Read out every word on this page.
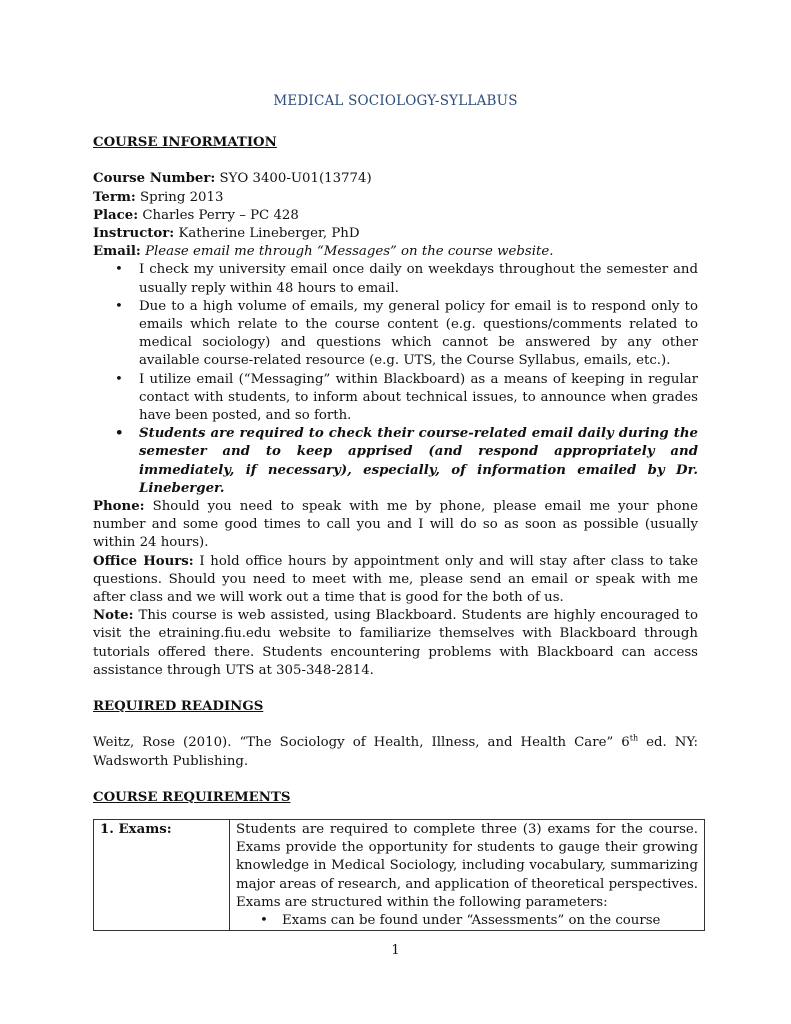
MEDICAL SOCIOLOGY-SYLLABUS

COURSE INFORMATION

Course Number: SYO 3400-U01(13774)

Term: Spring 2013

Place: Charles Perry – PC 428

Instructor: Katherine Lineberger, PhD

Email: Please email me through “Messages” on the course website.

• I check my university email once daily on weekdays throughout the semester and usually reply within 48 hours to email.
• Due to a high volume of emails, my general policy for email is to respond only to emails which relate to the course content (e.g. questions/comments related to medical sociology) and questions which cannot be answered by any other available course-related resource (e.g. UTS, the Course Syllabus, emails, etc.).
• I utilize email (“Messaging” within Blackboard) as a means of keeping in regular contact with students, to inform about technical issues, to announce when grades have been posted, and so forth.
• Students are required to check their course-related email daily during the semester and to keep apprised (and respond appropriately and immediately, if necessary), especially, of information emailed by Dr. Lineberger.

Phone: Should you need to speak with me by phone, please email me your phone number and some good times to call you and I will do so as soon as possible (usually within 24 hours).

Office Hours: I hold office hours by appointment only and will stay after class to take questions. Should you need to meet with me, please send an email or speak with me after class and we will work out a time that is good for the both of us.

Note: This course is web assisted, using Blackboard. Students are highly encouraged to visit the etraining.fiu.edu website to familiarize themselves with Blackboard through tutorials offered there. Students encountering problems with Blackboard can access assistance through UTS at 305-348-2814.

REQUIRED READINGS

Weitz, Rose (2010). “The Sociology of Health, Illness, and Health Care” 6th ed. NY: Wadsworth Publishing.

COURSE REQUIREMENTS

1. Exams:	Students are required to complete three (3) exams for the course. Exams provide the opportunity for students to gauge their growing knowledge in Medical Sociology, including vocabulary, summarizing major areas of research, and application of theoretical perspectives. Exams are structured within the following parameters:
• Exams can be found under “Assessments” on the course
1
